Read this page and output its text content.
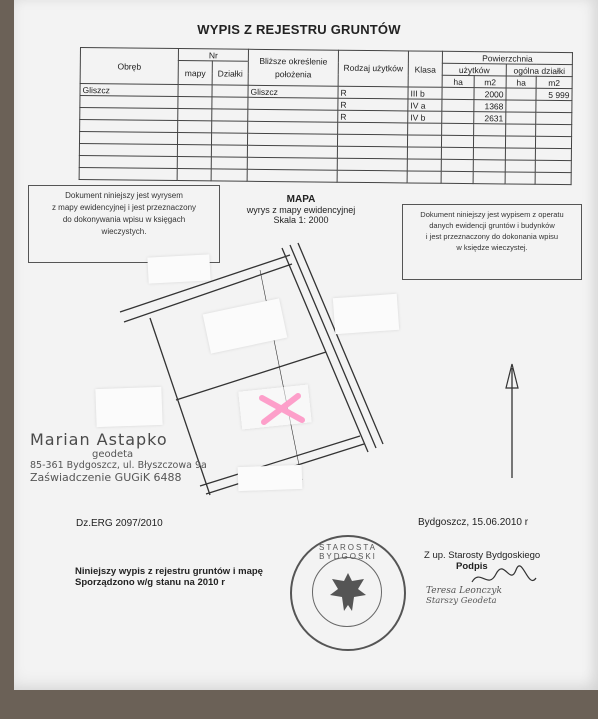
WYPIS Z REJESTRU GRUNTÓW
Obręb	Nr		Bliższe określenie położenia	Rodzaj użytków	Klasa	Powierzchnia			
	mapy	Działki				użytków		ogólna działki	
						ha	m2	ha	m2
Gliszcz			Gliszcz	R	III b		2000		5 999
				R	IV a		1368		
				R	IV b		2631		

Dokument niniejszy jest wyrysem
z mapy ewidencyjnej i jest przeznaczony
do dokonywania wpisu w księgach
wieczystych.
MAPA
wyrys z mapy ewidencyjnej
Skala 1: 2000
Dokument niniejszy jest wypisem z operatu
danych ewidencji gruntów i budynków
i jest przeznaczony do dokonania wpisu
w księdze wieczystej.
Marian Astapko
geodeta
85-361 Bydgoszcz, ul. Błyszczowa 9a
Zaświadczenie GUGiK 6488
Dz.ERG 2097/2010	Bydgoszcz, 15.06.2010 r
Niniejszy wypis z rejestru gruntów i mapę
Sporządzono w/g stanu na 2010 r
STAROSTA BYDGOSKI	Z up. Starosty Bydgoskiego
Podpis
Teresa Leonczyk
Starszy Geodeta
